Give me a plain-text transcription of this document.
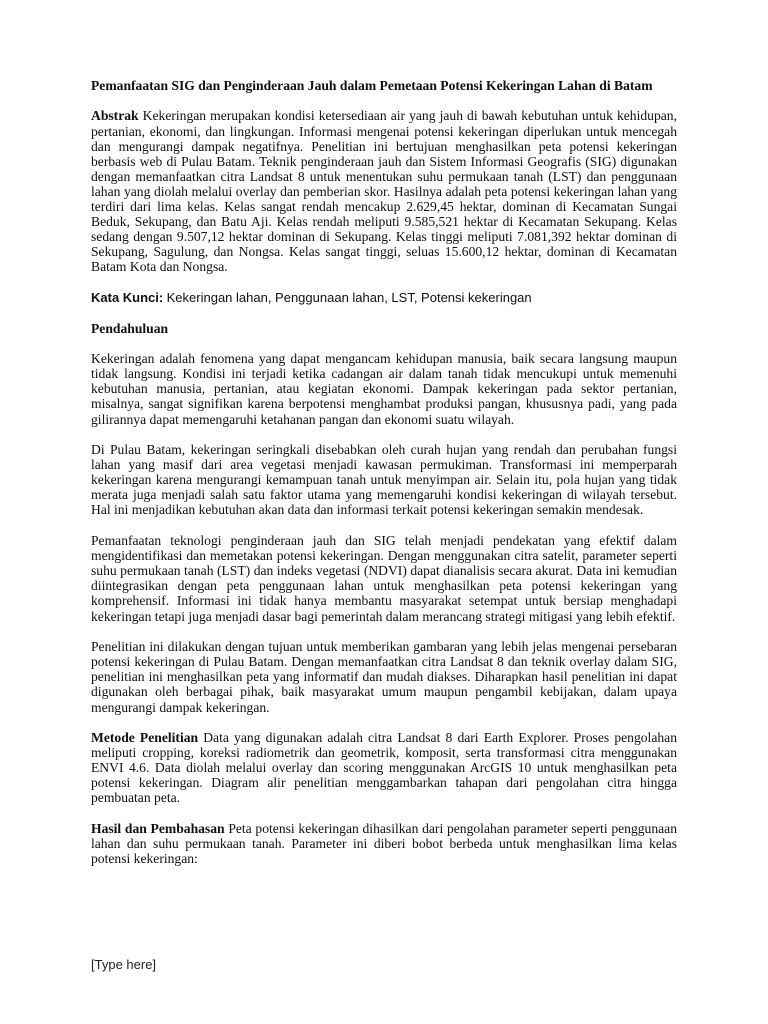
Pemanfaatan SIG dan Penginderaan Jauh dalam Pemetaan Potensi Kekeringan Lahan di Batam

Abstrak Kekeringan merupakan kondisi ketersediaan air yang jauh di bawah kebutuhan untuk kehidupan, pertanian, ekonomi, dan lingkungan. Informasi mengenai potensi kekeringan diperlukan untuk mencegah dan mengurangi dampak negatifnya. Penelitian ini bertujuan menghasilkan peta potensi kekeringan berbasis web di Pulau Batam. Teknik penginderaan jauh dan Sistem Informasi Geografis (SIG) digunakan dengan memanfaatkan citra Landsat 8 untuk menentukan suhu permukaan tanah (LST) dan penggunaan lahan yang diolah melalui overlay dan pemberian skor. Hasilnya adalah peta potensi kekeringan lahan yang terdiri dari lima kelas. Kelas sangat rendah mencakup 2.629,45 hektar, dominan di Kecamatan Sungai Beduk, Sekupang, dan Batu Aji. Kelas rendah meliputi 9.585,521 hektar di Kecamatan Sekupang. Kelas sedang dengan 9.507,12 hektar dominan di Sekupang. Kelas tinggi meliputi 7.081,392 hektar dominan di Sekupang, Sagulung, dan Nongsa. Kelas sangat tinggi, seluas 15.600,12 hektar, dominan di Kecamatan Batam Kota dan Nongsa.

Kata Kunci: Kekeringan lahan, Penggunaan lahan, LST, Potensi kekeringan

Pendahuluan

Kekeringan adalah fenomena yang dapat mengancam kehidupan manusia, baik secara langsung maupun tidak langsung. Kondisi ini terjadi ketika cadangan air dalam tanah tidak mencukupi untuk memenuhi kebutuhan manusia, pertanian, atau kegiatan ekonomi. Dampak kekeringan pada sektor pertanian, misalnya, sangat signifikan karena berpotensi menghambat produksi pangan, khususnya padi, yang pada gilirannya dapat memengaruhi ketahanan pangan dan ekonomi suatu wilayah.

Di Pulau Batam, kekeringan seringkali disebabkan oleh curah hujan yang rendah dan perubahan fungsi lahan yang masif dari area vegetasi menjadi kawasan permukiman. Transformasi ini memperparah kekeringan karena mengurangi kemampuan tanah untuk menyimpan air. Selain itu, pola hujan yang tidak merata juga menjadi salah satu faktor utama yang memengaruhi kondisi kekeringan di wilayah tersebut. Hal ini menjadikan kebutuhan akan data dan informasi terkait potensi kekeringan semakin mendesak.

Pemanfaatan teknologi penginderaan jauh dan SIG telah menjadi pendekatan yang efektif dalam mengidentifikasi dan memetakan potensi kekeringan. Dengan menggunakan citra satelit, parameter seperti suhu permukaan tanah (LST) dan indeks vegetasi (NDVI) dapat dianalisis secara akurat. Data ini kemudian diintegrasikan dengan peta penggunaan lahan untuk menghasilkan peta potensi kekeringan yang komprehensif. Informasi ini tidak hanya membantu masyarakat setempat untuk bersiap menghadapi kekeringan tetapi juga menjadi dasar bagi pemerintah dalam merancang strategi mitigasi yang lebih efektif.

Penelitian ini dilakukan dengan tujuan untuk memberikan gambaran yang lebih jelas mengenai persebaran potensi kekeringan di Pulau Batam. Dengan memanfaatkan citra Landsat 8 dan teknik overlay dalam SIG, penelitian ini menghasilkan peta yang informatif dan mudah diakses. Diharapkan hasil penelitian ini dapat digunakan oleh berbagai pihak, baik masyarakat umum maupun pengambil kebijakan, dalam upaya mengurangi dampak kekeringan.

Metode Penelitian Data yang digunakan adalah citra Landsat 8 dari Earth Explorer. Proses pengolahan meliputi cropping, koreksi radiometrik dan geometrik, komposit, serta transformasi citra menggunakan ENVI 4.6. Data diolah melalui overlay dan scoring menggunakan ArcGIS 10 untuk menghasilkan peta potensi kekeringan. Diagram alir penelitian menggambarkan tahapan dari pengolahan citra hingga pembuatan peta.

Hasil dan Pembahasan Peta potensi kekeringan dihasilkan dari pengolahan parameter seperti penggunaan lahan dan suhu permukaan tanah. Parameter ini diberi bobot berbeda untuk menghasilkan lima kelas potensi kekeringan:

[Type here]
